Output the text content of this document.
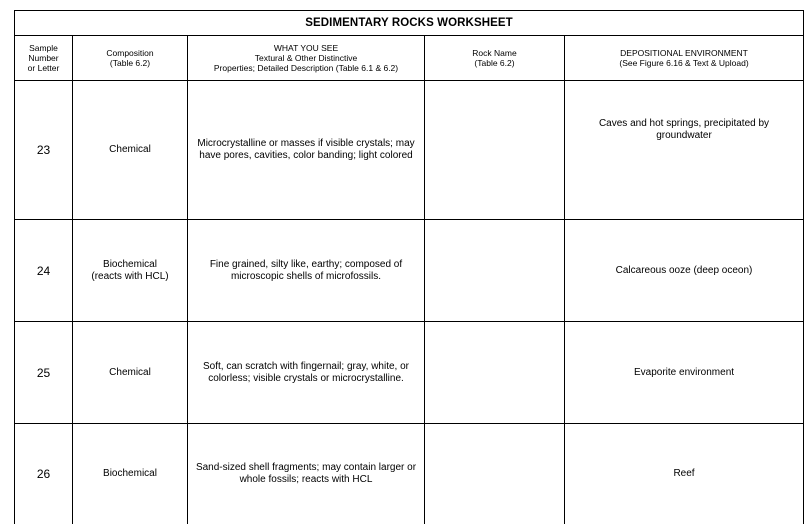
SEDIMENTARY ROCKS WORKSHEET				

Sample
Number
or Letter	Composition
(Table 6.2)	WHAT YOU SEE
Textural & Other Distinctive
Properties; Detailed Description (Table 6.1 & 6.2)	Rock Name
(Table 6.2)	DEPOSITIONAL ENVIRONMENT
(See Figure 6.16 & Text & Upload)

23	Chemical	Microcrystalline or masses if visible crystals; may
have pores, cavities, color banding; light colored		Caves and hot springs, precipitated by
groundwater

24	Biochemical
(reacts with HCL)	Fine grained, silty like, earthy; composed of
microscopic shells of microfossils.		Calcareous ooze (deep oceon)

25	Chemical	Soft, can scratch with fingernail; gray, white, or
colorless; visible crystals or microcrystalline.		Evaporite environment

26	Biochemical	Sand-sized shell fragments; may contain larger or
whole fossils; reacts with HCL		Reef
